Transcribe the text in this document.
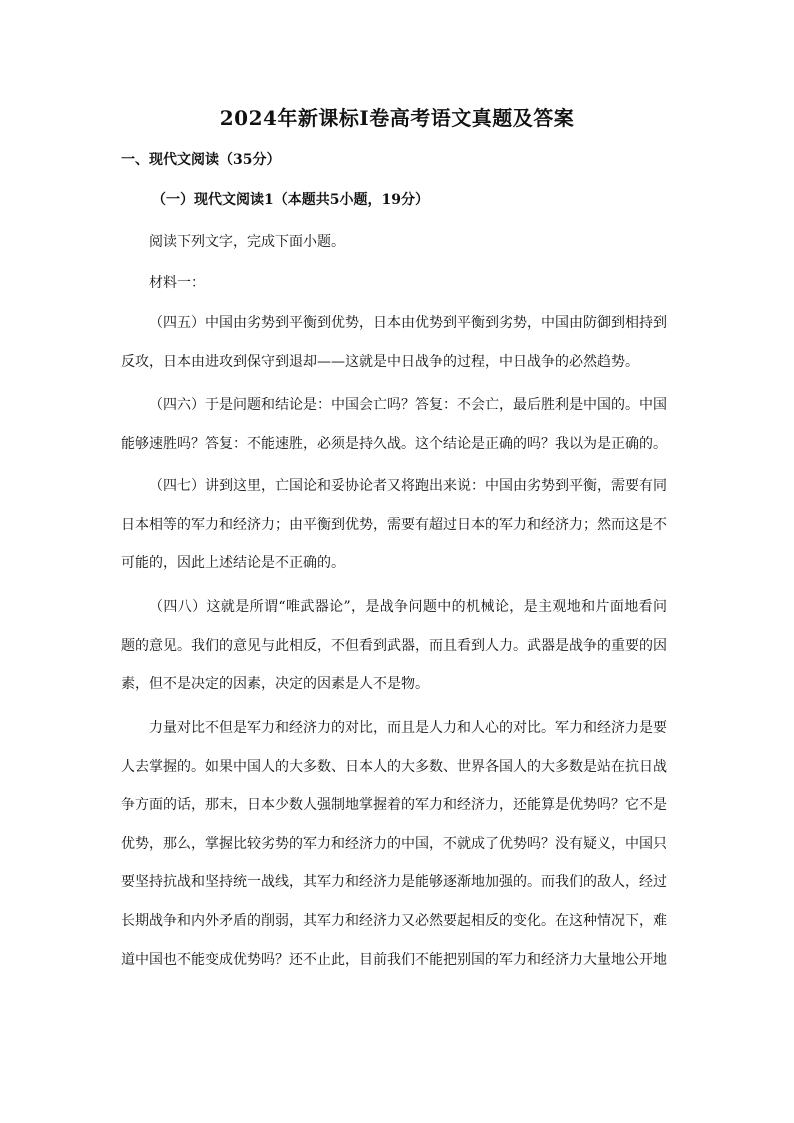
2024年新课标I卷高考语文真题及答案
一、现代文阅读（35分）
（一）现代文阅读1（本题共5小题，19分）

阅读下列文字，完成下面小题。

材料一：

（四五）中国由劣势到平衡到优势，日本由优势到平衡到劣势，中国由防御到相持到反攻，日本由进攻到保守到退却——这就是中日战争的过程，中日战争的必然趋势。

（四六）于是问题和结论是：中国会亡吗？答复：不会亡，最后胜利是中国的。中国能够速胜吗？答复：不能速胜，必须是持久战。这个结论是正确的吗？我以为是正确的。

（四七）讲到这里，亡国论和妥协论者又将跑出来说：中国由劣势到平衡，需要有同日本相等的军力和经济力；由平衡到优势，需要有超过日本的军力和经济力；然而这是不可能的，因此上述结论是不正确的。

（四八）这就是所谓“唯武器论”，是战争问题中的机械论，是主观地和片面地看问题的意见。我们的意见与此相反，不但看到武器，而且看到人力。武器是战争的重要的因素，但不是决定的因素，决定的因素是人不是物。

力量对比不但是军力和经济力的对比，而且是人力和人心的对比。军力和经济力是要人去掌握的。如果中国人的大多数、日本人的大多数、世界各国人的大多数是站在抗日战争方面的话，那末，日本少数人强制地掌握着的军力和经济力，还能算是优势吗？它不是优势，那么，掌握比较劣势的军力和经济力的中国，不就成了优势吗？没有疑义，中国只要坚持抗战和坚持统一战线，其军力和经济力是能够逐渐地加强的。而我们的敌人，经过长期战争和内外矛盾的削弱，其军力和经济力又必然要起相反的变化。在这种情况下，难道中国也不能变成优势吗？还不止此，目前我们不能把别国的军力和经济力大量地公开地
